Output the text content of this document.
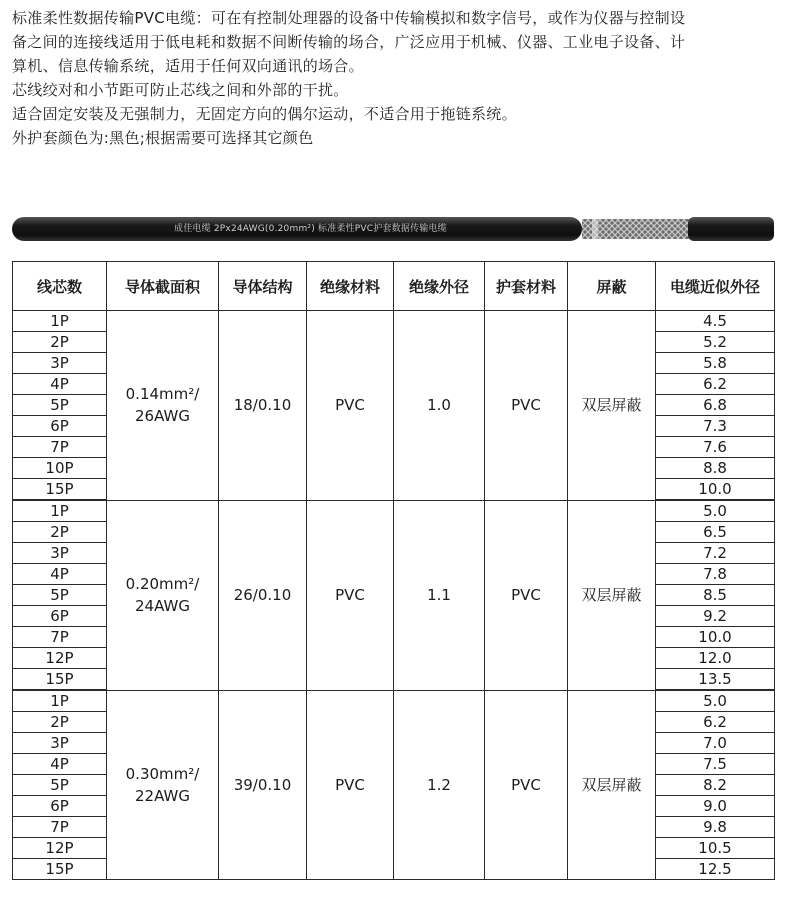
标准柔性数据传输PVC电缆：可在有控制处理器的设备中传输模拟和数字信号，或作为仪器与控制设

备之间的连接线适用于低电耗和数据不间断传输的场合，广泛应用于机械、仪器、工业电子设备、计

算机、信息传输系统，适用于任何双向通讯的场合。

芯线绞对和小节距可防止芯线之间和外部的干扰。

适合固定安装及无强制力，无固定方向的偶尔运动，不适合用于拖链系统。

外护套颜色为:黑色;根据需要可选择其它颜色

成佳电缆 2Px24AWG(0.20mm²) 标准柔性PVC护套数据传输电缆
线芯数	导体截面积	导体结构	绝缘材料	绝缘外径	护套材料	屏蔽	电缆近似外径
1P	0.14mm²/
26AWG	18/0.10	PVC	1.0	PVC	双层屏蔽	4.5
2P							5.2
3P							5.8
4P							6.2
5P							6.8
6P							7.3
7P							7.6
10P							8.8
15P							10.0
1P	0.20mm²/
24AWG	26/0.10	PVC	1.1	PVC	双层屏蔽	5.0
2P							6.5
3P							7.2
4P							7.8
5P							8.5
6P							9.2
7P							10.0
12P							12.0
15P							13.5
1P	0.30mm²/
22AWG	39/0.10	PVC	1.2	PVC	双层屏蔽	5.0
2P							6.2
3P							7.0
4P							7.5
5P							8.2
6P							9.0
7P							9.8
12P							10.5
15P							12.5
